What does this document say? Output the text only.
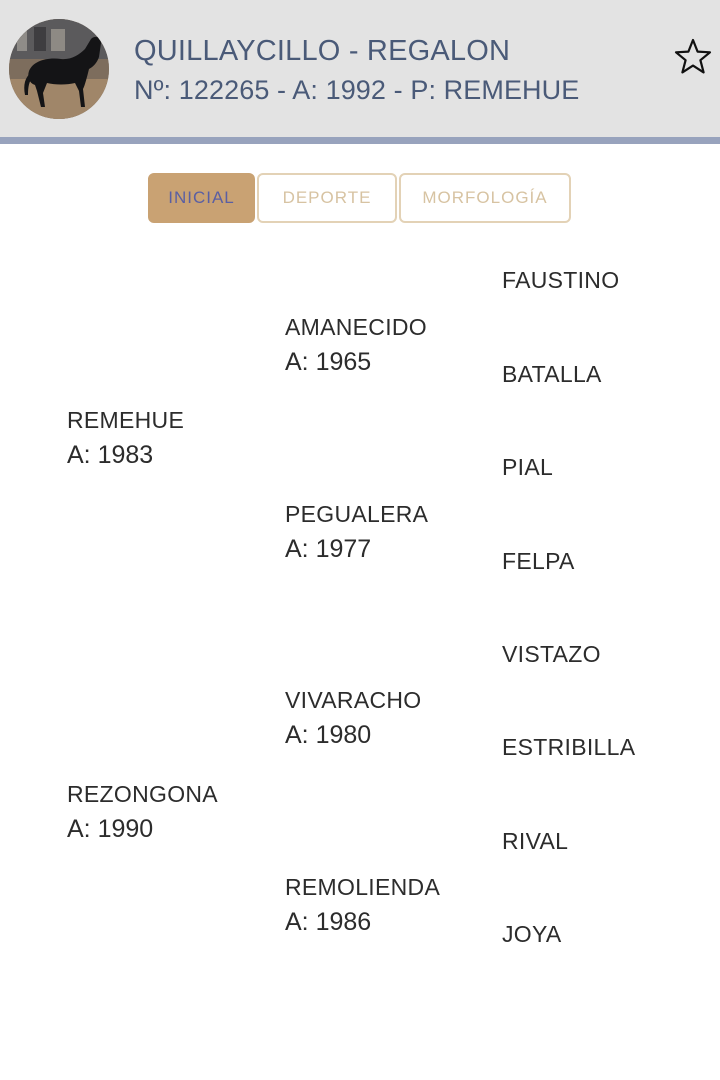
QUILLAYCILLO - REGALON
Nº: 122265 - A: 1992 - P: REMEHUE
INICIAL	DEPORTE	MORFOLOGÍA
REMEHUE
A: 1983
REZONGONA
A: 1990
AMANECIDO
A: 1965
PEGUALERA
A: 1977
VIVARACHO
A: 1980
REMOLIENDA
A: 1986
FAUSTINO
BATALLA
PIAL
FELPA
VISTAZO
ESTRIBILLA
RIVAL
JOYA
